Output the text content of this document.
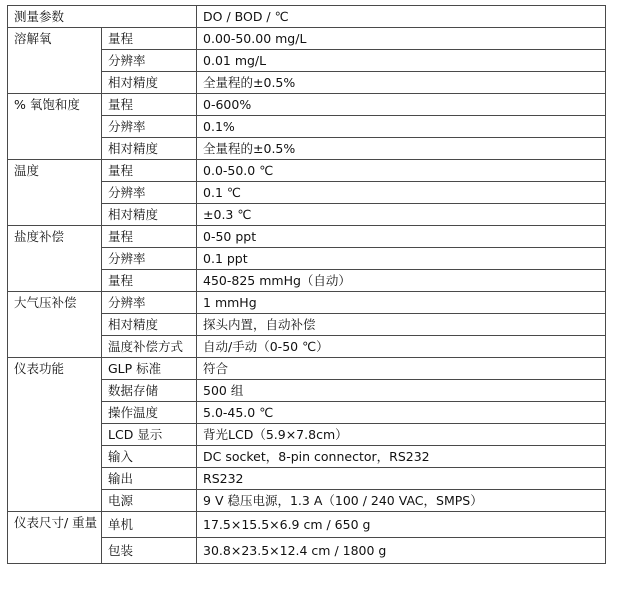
测量参数		DO / BOD / ℃
溶解氧	量程	0.00-50.00 mg/L
	分辨率	0.01 mg/L
	相对精度	全量程的±0.5%
% 氧饱和度	量程	0-600%
	分辨率	0.1%
	相对精度	全量程的±0.5%
温度	量程	0.0-50.0 ℃
	分辨率	0.1 ℃
	相对精度	±0.3 ℃
盐度补偿	量程	0-50 ppt
	分辨率	0.1 ppt
	量程	450-825 mmHg（自动）
大气压补偿	分辨率	1 mmHg
	相对精度	探头内置，自动补偿
	温度补偿方式	自动/手动（0-50 ℃）
仪表功能	GLP 标准	符合
	数据存储	500 组
	操作温度	5.0-45.0 ℃
	LCD 显示	背光LCD（5.9×7.8cm）
	输入	DC socket，8-pin connector，RS232
	输出	RS232
	电源	9 V 稳压电源，1.3 A（100 / 240 VAC，SMPS）
仪表尺寸/ 重量	单机	17.5×15.5×6.9 cm / 650 g
	包装	30.8×23.5×12.4 cm / 1800 g
